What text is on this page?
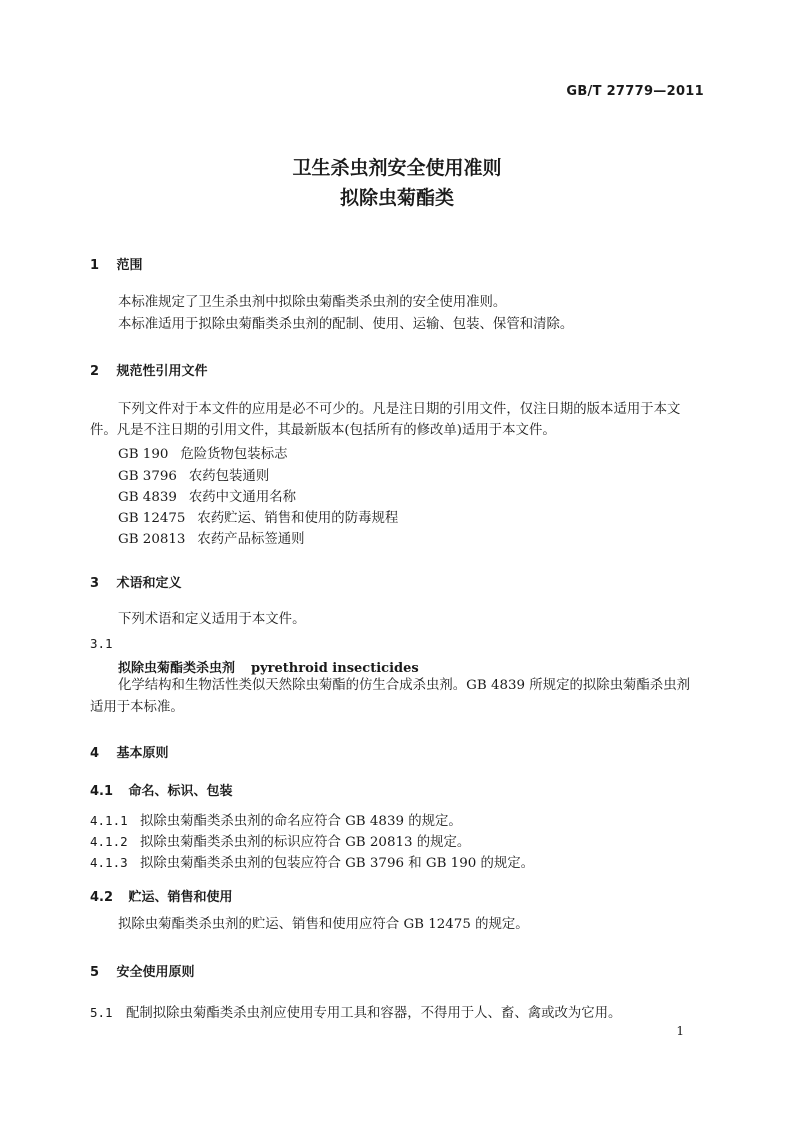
GB/T 27779—2011
卫生杀虫剂安全使用准则
拟除虫菊酯类
1 范围
本标准规定了卫生杀虫剂中拟除虫菊酯类杀虫剂的安全使用准则。
本标准适用于拟除虫菊酯类杀虫剂的配制、使用、运输、包装、保管和清除。
2 规范性引用文件
下列文件对于本文件的应用是必不可少的。凡是注日期的引用文件，仅注日期的版本适用于本文
件。凡是不注日期的引用文件，其最新版本(包括所有的修改单)适用于本文件。
GB 190 危险货物包装标志
GB 3796 农药包装通则
GB 4839 农药中文通用名称
GB 12475 农药贮运、销售和使用的防毒规程
GB 20813 农药产品标签通则
3 术语和定义
下列术语和定义适用于本文件。
3.1
拟除虫菊酯类杀虫剂 pyrethroid insecticides
化学结构和生物活性类似天然除虫菊酯的仿生合成杀虫剂。GB 4839 所规定的拟除虫菊酯杀虫剂
适用于本标准。
4 基本原则
4.1 命名、标识、包装
4.1.1 拟除虫菊酯类杀虫剂的命名应符合 GB 4839 的规定。
4.1.2 拟除虫菊酯类杀虫剂的标识应符合 GB 20813 的规定。
4.1.3 拟除虫菊酯类杀虫剂的包装应符合 GB 3796 和 GB 190 的规定。
4.2 贮运、销售和使用
拟除虫菊酯类杀虫剂的贮运、销售和使用应符合 GB 12475 的规定。
5 安全使用原则
5.1 配制拟除虫菊酯类杀虫剂应使用专用工具和容器，不得用于人、畜、禽或改为它用。
1
